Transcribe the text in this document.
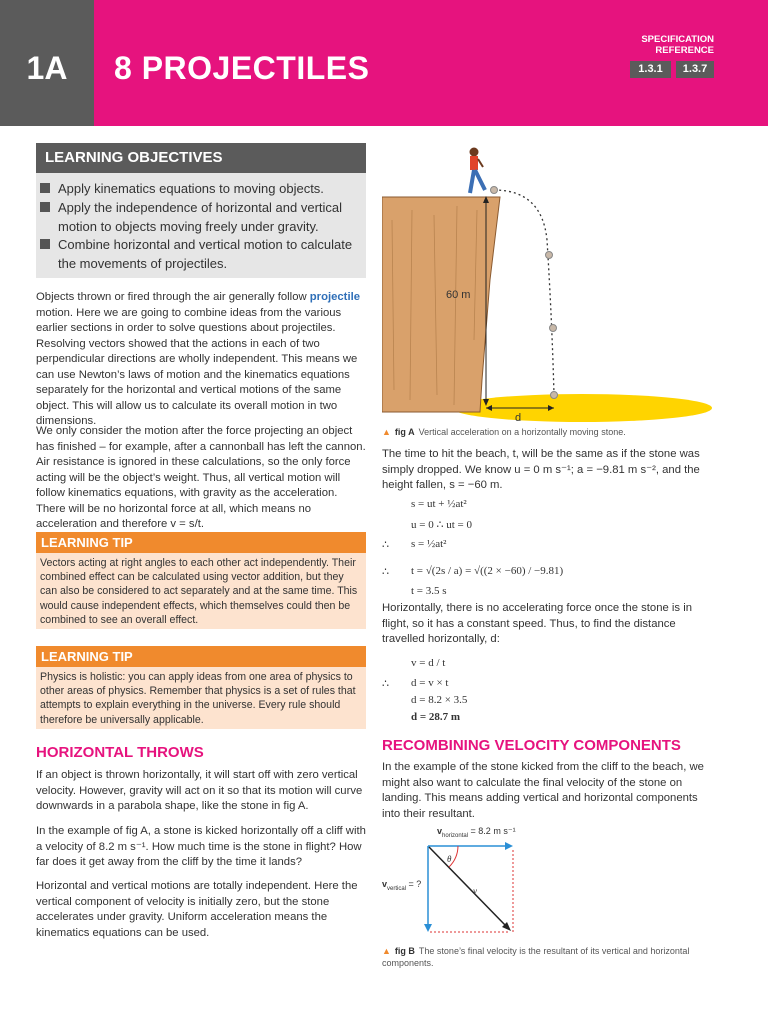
1A	8 PROJECTILES
SPECIFICATION
REFERENCE
1.3.1	1.3.7
LEARNING OBJECTIVES
Apply kinematics equations to moving objects.
Apply the independence of horizontal and vertical motion to objects moving freely under gravity.
Combine horizontal and vertical motion to calculate the movements of projectiles.
Objects thrown or fired through the air generally follow projectile motion. Here we are going to combine ideas from the various earlier sections in order to solve questions about projectiles. Resolving vectors showed that the actions in each of two perpendicular directions are wholly independent. This means we can use Newton’s laws of motion and the kinematics equations separately for the horizontal and vertical motions of the same object. This will allow us to calculate its overall motion in two dimensions.
We only consider the motion after the force projecting an object has finished – for example, after a cannonball has left the cannon. Air resistance is ignored in these calculations, so the only force acting will be the object’s weight. Thus, all vertical motion will follow kinematics equations, with gravity as the acceleration. There will be no horizontal force at all, which means no acceleration and therefore v = s/t.
LEARNING TIP
Vectors acting at right angles to each other act independently. Their combined effect can be calculated using vector addition, but they can also be considered to act separately and at the same time. This would cause independent effects, which themselves could then be combined to see an overall effect.
LEARNING TIP
Physics is holistic: you can apply ideas from one area of physics to other areas of physics. Remember that physics is a set of rules that attempts to explain everything in the universe. Every rule should therefore be universally applicable.
HORIZONTAL THROWS
If an object is thrown horizontally, it will start off with zero vertical velocity. However, gravity will act on it so that its motion will curve downwards in a parabola shape, like the stone in fig A.
In the example of fig A, a stone is kicked horizontally off a cliff with a velocity of 8.2 m s⁻¹. How much time is the stone in flight? How far does it get away from the cliff by the time it lands?
Horizontal and vertical motions are totally independent. Here the vertical component of velocity is initially zero, but the stone accelerates under gravity. Uniform acceleration means the kinematics equations can be used.
60 m
d
▲ fig A Vertical acceleration on a horizontally moving stone.
The time to hit the beach, t, will be the same as if the stone was simply dropped. We know u = 0 m s⁻¹; a = −9.81 m s⁻², and the height fallen, s = −60 m.
s = ut + ½at²
u = 0 ∴ ut = 0
∴ s = ½at²
∴ t = √(2s / a) = √((2 × −60) / −9.81)
t = 3.5 s
Horizontally, there is no accelerating force once the stone is in flight, so it has a constant speed. Thus, to find the distance travelled horizontally, d:
v = d / t
∴ d = v × t
d = 8.2 × 3.5
d = 28.7 m
RECOMBINING VELOCITY COMPONENTS
In the example of the stone kicked from the cliff to the beach, we might also want to calculate the final velocity of the stone on landing. This means adding vertical and horizontal components into their resultant.
$v_{horizontal} = 8.2$ m s⁻¹
$v_{vertical}$ = ?
θ
v
▲ fig B The stone’s final velocity is the resultant of its vertical and horizontal components.
